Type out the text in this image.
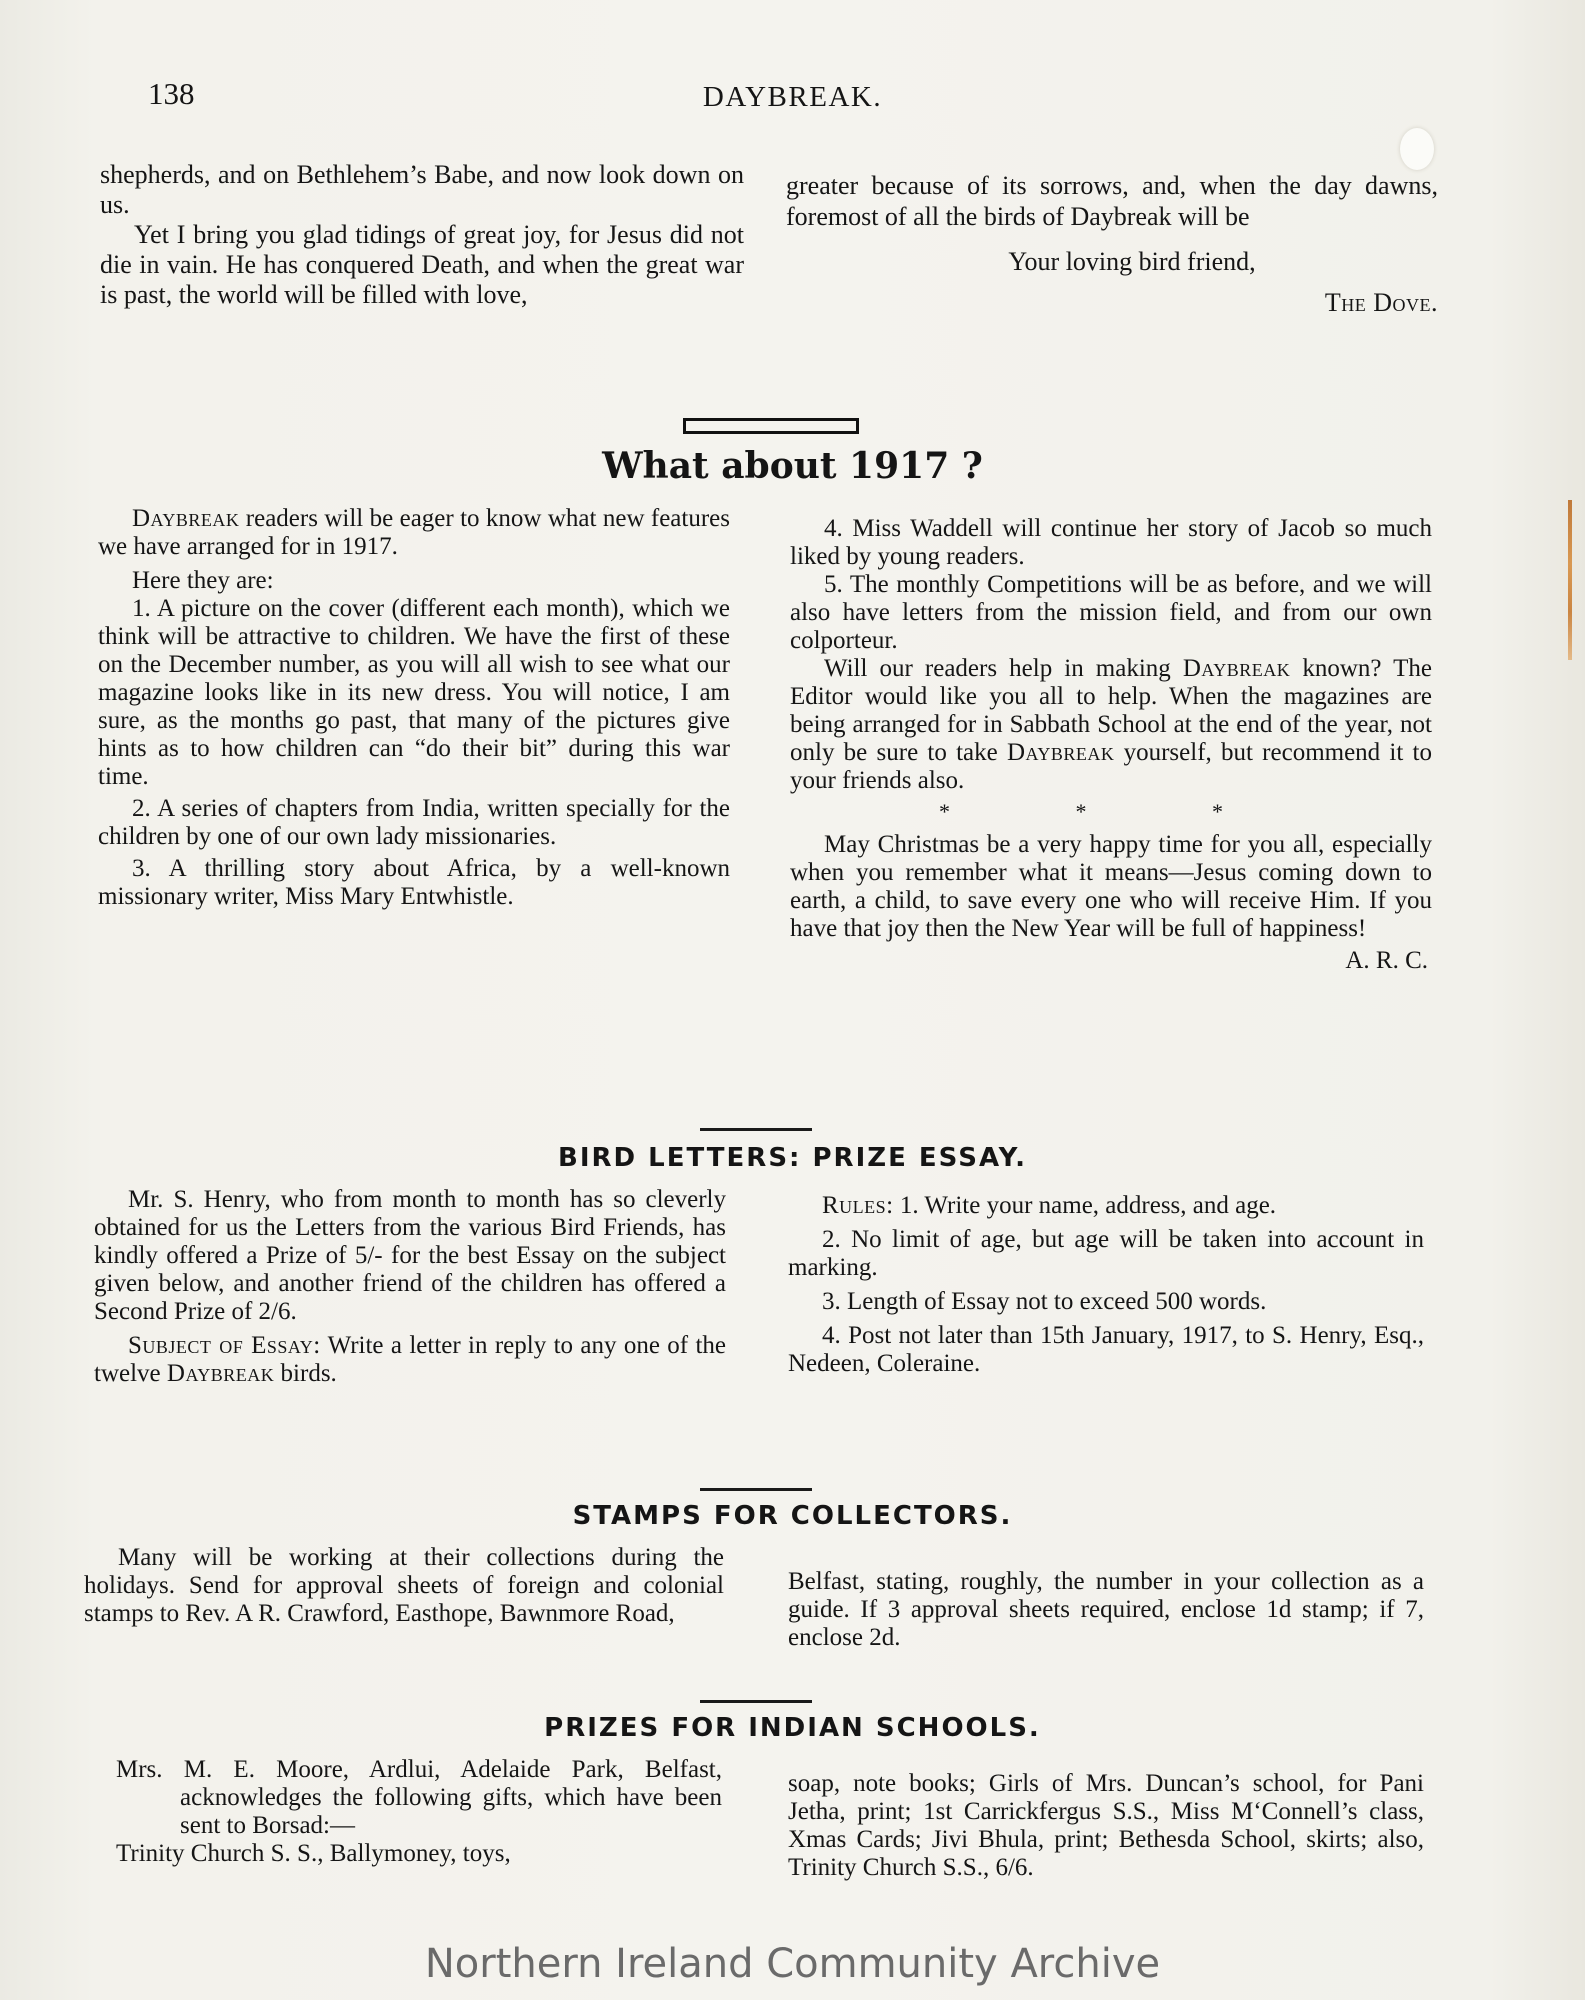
138	DAYBREAK.

shepherds, and on Bethlehem’s Babe, and now look down on us.

Yet I bring you glad tidings of great joy, for Jesus did not die in vain. He has conquered Death, and when the great war is past, the world will be filled with love,

greater because of its sorrows, and, when the day dawns, foremost of all the birds of Daybreak will be

Your loving bird friend,

The Dove.

What about 1917 ?

Daybreak readers will be eager to know what new features we have arranged for in 1917.

Here they are:

1. A picture on the cover (different each month), which we think will be attractive to children. We have the first of these on the December number, as you will all wish to see what our magazine looks like in its new dress. You will notice, I am sure, as the months go past, that many of the pictures give hints as to how children can “do their bit” during this war time.

2. A series of chapters from India, written specially for the children by one of our own lady missionaries.

3. A thrilling story about Africa, by a well-known missionary writer, Miss Mary Entwhistle.

4. Miss Waddell will continue her story of Jacob so much liked by young readers.

5. The monthly Competitions will be as before, and we will also have letters from the mission field, and from our own colporteur.

Will our readers help in making Daybreak known? The Editor would like you all to help. When the magazines are being arranged for in Sabbath School at the end of the year, not only be sure to take Daybreak yourself, but recommend it to your friends also.

* * *

May Christmas be a very happy time for you all, especially when you remember what it means—Jesus coming down to earth, a child, to save every one who will receive Him. If you have that joy then the New Year will be full of happiness!

A. R. C.

BIRD LETTERS: PRIZE ESSAY.

Mr. S. Henry, who from month to month has so cleverly obtained for us the Letters from the various Bird Friends, has kindly offered a Prize of 5/- for the best Essay on the subject given below, and another friend of the children has offered a Second Prize of 2/6.

Subject of Essay: Write a letter in reply to any one of the twelve Daybreak birds.

Rules: 1. Write your name, address, and age.

2. No limit of age, but age will be taken into account in marking.

3. Length of Essay not to exceed 500 words.

4. Post not later than 15th January, 1917, to S. Henry, Esq., Nedeen, Coleraine.

STAMPS FOR COLLECTORS.

Many will be working at their collections during the holidays. Send for approval sheets of foreign and colonial stamps to Rev. A R. Crawford, Easthope, Bawnmore Road,

Belfast, stating, roughly, the number in your collection as a guide. If 3 approval sheets required, enclose 1d stamp; if 7, enclose 2d.

PRIZES FOR INDIAN SCHOOLS.

Mrs. M. E. Moore, Ardlui, Adelaide Park, Belfast, acknowledges the following gifts, which have been sent to Borsad:—

Trinity Church S. S., Ballymoney, toys,

soap, note books; Girls of Mrs. Duncan’s school, for Pani Jetha, print; 1st Carrickfergus S.S., Miss M‘Connell’s class, Xmas Cards; Jivi Bhula, print; Bethesda School, skirts; also, Trinity Church S.S., 6/6.

Northern Ireland Community Archive
